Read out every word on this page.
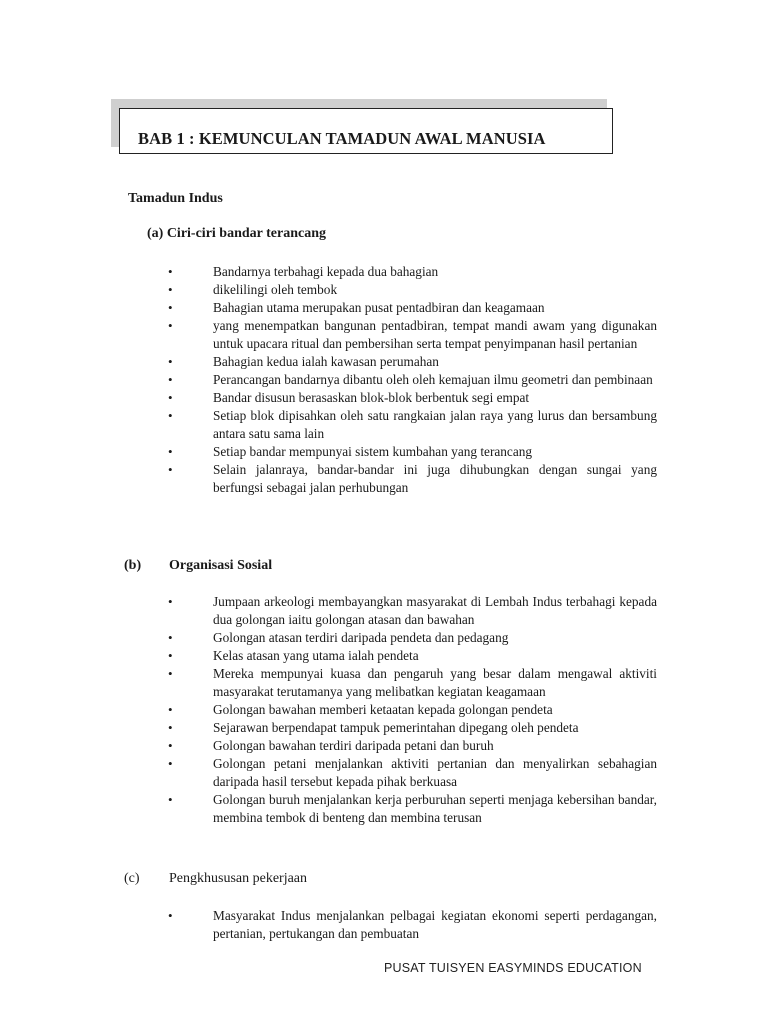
BAB 1 : KEMUNCULAN TAMADUN AWAL MANUSIA
Tamadun Indus
(a) Ciri-ciri bandar terancang
•	Bandarnya terbahagi kepada dua bahagian
•	dikelilingi oleh tembok
•	Bahagian utama merupakan pusat pentadbiran dan keagamaan
•	yang menempatkan bangunan pentadbiran, tempat mandi awam yang digunakan untuk upacara ritual dan pembersihan serta tempat penyimpanan hasil pertanian
•	Bahagian kedua ialah kawasan perumahan
•	Perancangan bandarnya dibantu oleh oleh kemajuan ilmu geometri dan pembinaan
•	Bandar disusun berasaskan blok-blok berbentuk segi empat
•	Setiap blok dipisahkan oleh satu rangkaian jalan raya yang lurus dan bersambung antara satu sama lain
•	Setiap bandar mempunyai sistem kumbahan yang terancang
•	Selain jalanraya, bandar-bandar ini juga dihubungkan dengan sungai yang berfungsi sebagai jalan perhubungan
(b) Organisasi Sosial
•	Jumpaan arkeologi membayangkan masyarakat di Lembah Indus terbahagi kepada dua golongan iaitu golongan atasan dan bawahan
•	Golongan atasan terdiri daripada pendeta dan pedagang
•	Kelas atasan yang utama ialah pendeta
•	Mereka mempunyai kuasa dan pengaruh yang besar dalam mengawal aktiviti masyarakat terutamanya yang melibatkan kegiatan keagamaan
•	Golongan bawahan memberi ketaatan kepada golongan pendeta
•	Sejarawan berpendapat tampuk pemerintahan dipegang oleh pendeta
•	Golongan bawahan terdiri daripada petani dan buruh
•	Golongan petani menjalankan aktiviti pertanian dan menyalirkan sebahagian daripada hasil tersebut kepada pihak berkuasa
•	Golongan buruh menjalankan kerja perburuhan seperti menjaga kebersihan bandar, membina tembok di benteng dan membina terusan
(c) Pengkhususan pekerjaan
•	Masyarakat Indus menjalankan pelbagai kegiatan ekonomi seperti perdagangan, pertanian, pertukangan dan pembuatan
PUSAT TUISYEN EASYMINDS EDUCATION
